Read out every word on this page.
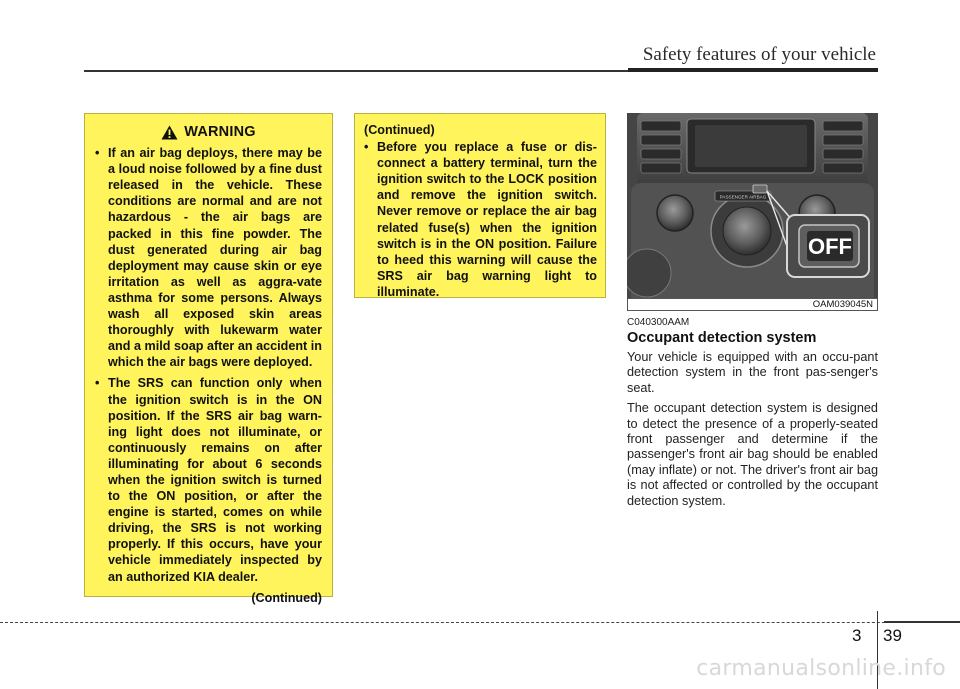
Safety features of your vehicle
WARNING
• If an air bag deploys, there may be a loud noise followed by a fine dust released in the vehicle. These conditions are normal and are not hazardous - the air bags are packed in this fine powder. The dust generated during air bag deployment may cause skin or eye irritation as well as aggra-vate asthma for some persons. Always wash all exposed skin areas thoroughly with lukewarm water and a mild soap after an accident in which the air bags were deployed.
• The SRS can function only when the ignition switch is in the ON position. If the SRS air bag warn-ing light does not illuminate, or continuously remains on after illuminating for about 6 seconds when the ignition switch is turned to the ON position, or after the engine is started, comes on while driving, the SRS is not working properly. If this occurs, have your vehicle immediately inspected by an authorized KIA dealer.
(Continued)
(Continued)
• Before you replace a fuse or dis-connect a battery terminal, turn the ignition switch to the LOCK position and remove the ignition switch. Never remove or replace the air bag related fuse(s) when the ignition switch is in the ON position. Failure to heed this warning will cause the SRS air bag warning light to illuminate.
PASSENGER AIRBAG
OFF
OAM039045N
C040300AAM
Occupant detection system

Your vehicle is equipped with an occu-pant detection system in the front pas-senger's seat.

The occupant detection system is designed to detect the presence of a properly-seated front passenger and determine if the passenger's front air bag should be enabled (may inflate) or not. The driver's front air bag is not affected or controlled by the occupant detection system.

3 39
carmanualsonline.info
